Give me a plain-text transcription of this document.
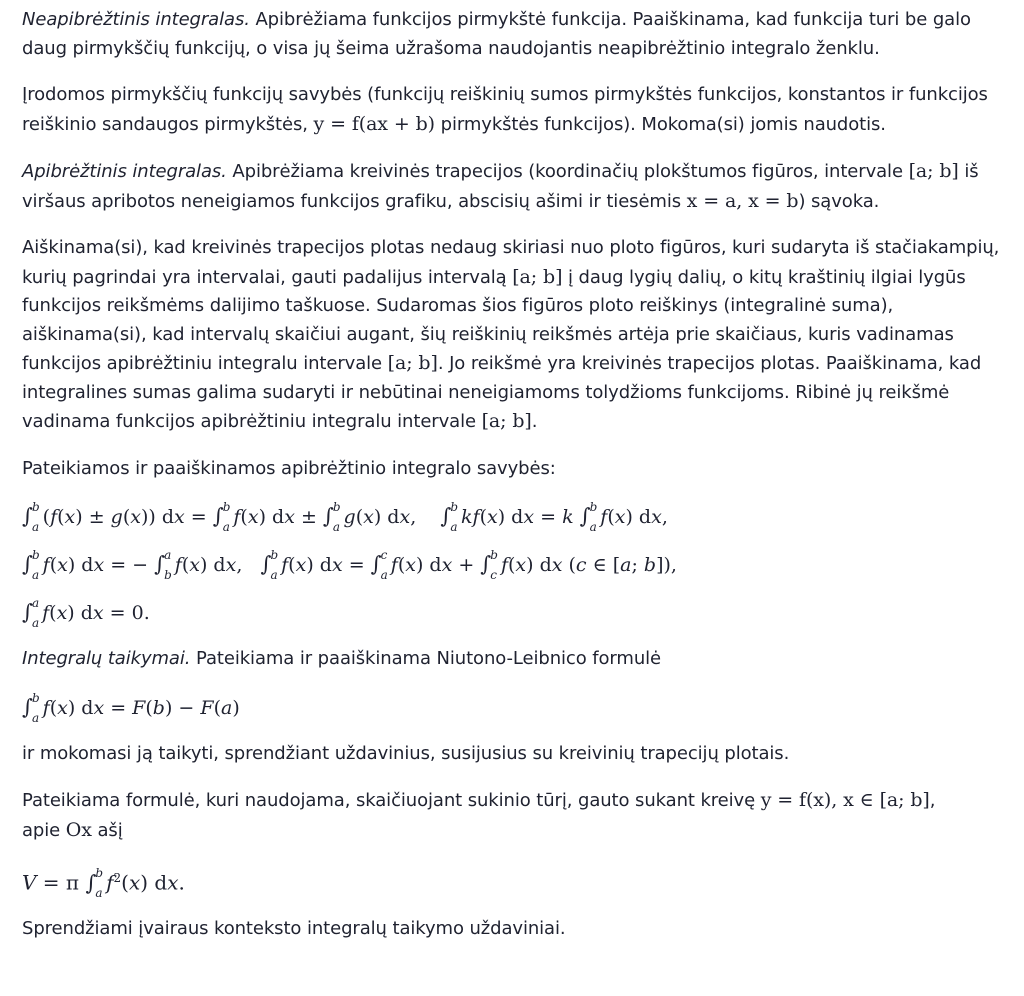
Neapibrėžtinis integralas. Apibrėžiama funkcijos pirmykštė funkcija. Paaiškinama, kad funkcija turi be galo daug pirmykščių funkcijų, o visa jų šeima užrašoma naudojantis neapibrėžtinio integralo ženklu.

Įrodomos pirmykščių funkcijų savybės (funkcijų reiškinių sumos pirmykštės funkcijos, konstantos ir funkcijos reiškinio sandaugos pirmykštės, y = f(ax + b) pirmykštės funkcijos). Mokoma(si) jomis naudotis.

Apibrėžtinis integralas. Apibrėžiama kreivinės trapecijos (koordinačių plokštumos figūros, intervale [a; b] iš viršaus apribotos neneigiamos funkcijos grafiku, abscisių ašimi ir tiesėmis x = a, x = b) sąvoka.

Aiškinama(si), kad kreivinės trapecijos plotas nedaug skiriasi nuo ploto figūros, kuri sudaryta iš stačiakampių, kurių pagrindai yra intervalai, gauti padalijus intervalą [a; b] į daug lygių dalių, o kitų kraštinių ilgiai lygūs funkcijos reikšmėms dalijimo taškuose. Sudaromas šios figūros ploto reiškinys (integralinė suma), aiškinama(si), kad intervalų skaičiui augant, šių reiškinių reikšmės artėja prie skaičiaus, kuris vadinamas funkcijos apibrėžtiniu integralu intervale [a; b]. Jo reikšmė yra kreivinės trapecijos plotas. Paaiškinama, kad integralines sumas galima sudaryti ir nebūtinai neneigiamoms tolydžioms funkcijoms. Ribinė jų reikšmė vadinama funkcijos apibrėžtiniu integralu intervale [a; b].

Pateikiamos ir paaiškinamos apibrėžtinio integralo savybės:

∫ b
a (f(x) ± g(x)) dx = ∫ b
a f(x) dx ± ∫ b
a g(x) dx,    ∫ b
a kf(x) dx = k ∫ b
a f(x) dx,
∫ b
a f(x) dx = − ∫ a
b f(x) dx,   ∫ b
a f(x) dx = ∫ c
a f(x) dx + ∫ b
c f(x) dx (c ∈ [a; b]),
∫ a
a f(x) dx = 0.

Integralų taikymai. Pateikiama ir paaiškinama Niutono-Leibnico formulė

∫ b
a f(x) dx = F(b) − F(a)

ir mokomasi ją taikyti, sprendžiant uždavinius, susijusius su kreivinių trapecijų plotais.

Pateikiama formulė, kuri naudojama, skaičiuojant sukinio tūrį, gauto sukant kreivę y = f(x), x ∈ [a; b],
apie Ox ašį

V = π ∫ b
a $f^2(x)$ dx.

Sprendžiami įvairaus konteksto integralų taikymo uždaviniai.
